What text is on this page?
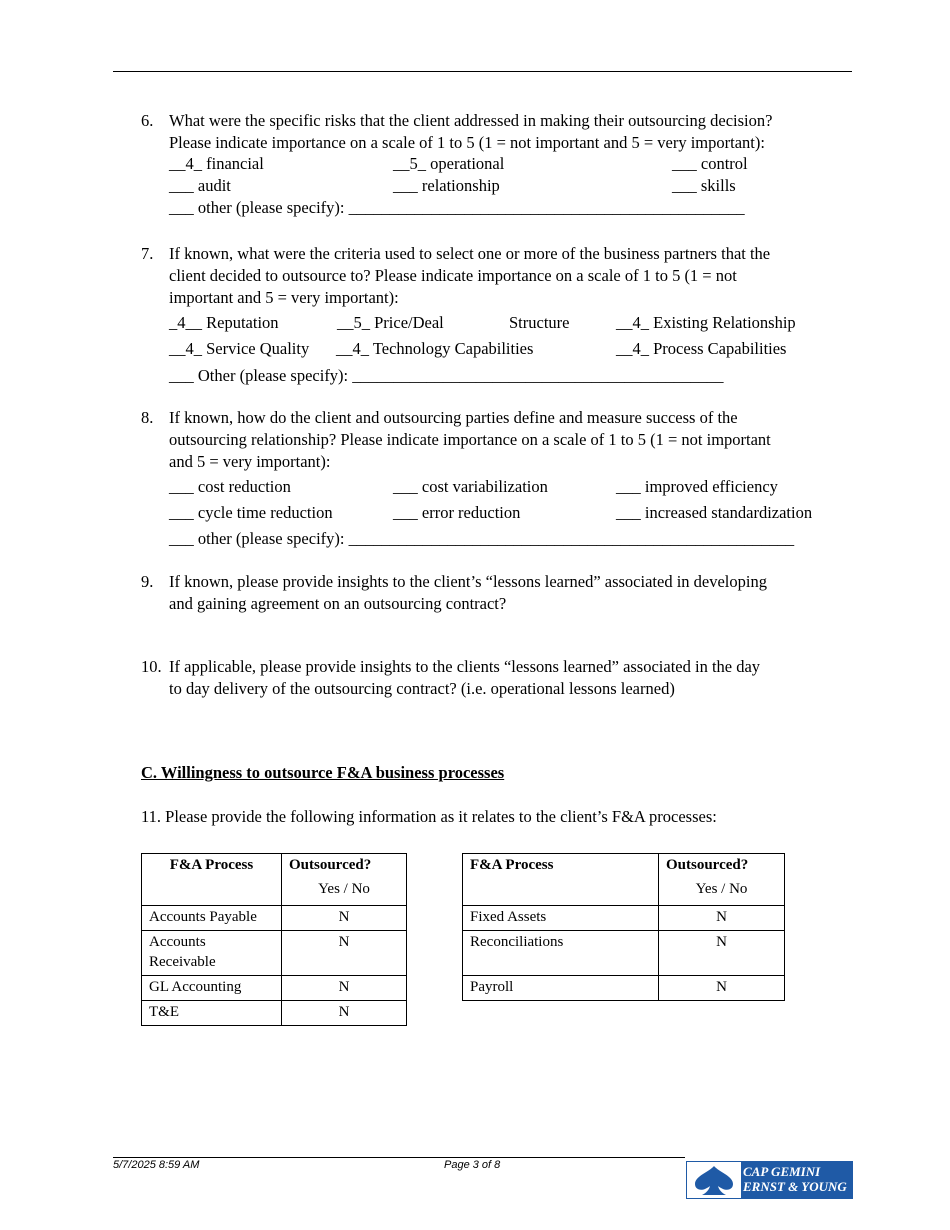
6. What were the specific risks that the client addressed in making their outsourcing decision?
Please indicate importance on a scale of 1 to 5 (1 = not important and 5 = very important):
__4_ financial	__5_ operational	___ control
___ audit	___ relationship	___ skills
___ other (please specify): ________________________________________________
7. If known, what were the criteria used to select one or more of the business partners that the
client decided to outsource to? Please indicate importance on a scale of 1 to 5 (1 = not
important and 5 = very important):
_4__ Reputation	__5_ Price/Deal	Structure	__4_ Existing Relationship
__4_ Service Quality __4_ Technology Capabilities	__4_ Process Capabilities
___ Other (please specify): _____________________________________________
8. If known, how do the client and outsourcing parties define and measure success of the
outsourcing relationship? Please indicate importance on a scale of 1 to 5 (1 = not important
and 5 = very important):
___ cost reduction	___ cost variabilization	___ improved efficiency
___ cycle time reduction	___ error reduction	___ increased standardization
___ other (please specify): ______________________________________________________
9. If known, please provide insights to the client’s “lessons learned” associated in developing
and gaining agreement on an outsourcing contract?
10. If applicable, please provide insights to the clients “lessons learned” associated in the day
to day delivery of the outsourcing contract? (i.e. operational lessons learned)
C. Willingness to outsource F&A business processes
11. Please provide the following information as it relates to the client’s F&A processes:
F&A Process	Outsourced?
Yes / No

Accounts Payable	N
Accounts Receivable	N
GL Accounting	N
T&E	N
F&A Process	Outsourced?
Yes / No

Fixed Assets	N
Reconciliations	N
Payroll	N
5/7/2025 8:59 AM	Page 3 of 8	CAP GEMINI
ERNST & YOUNG
